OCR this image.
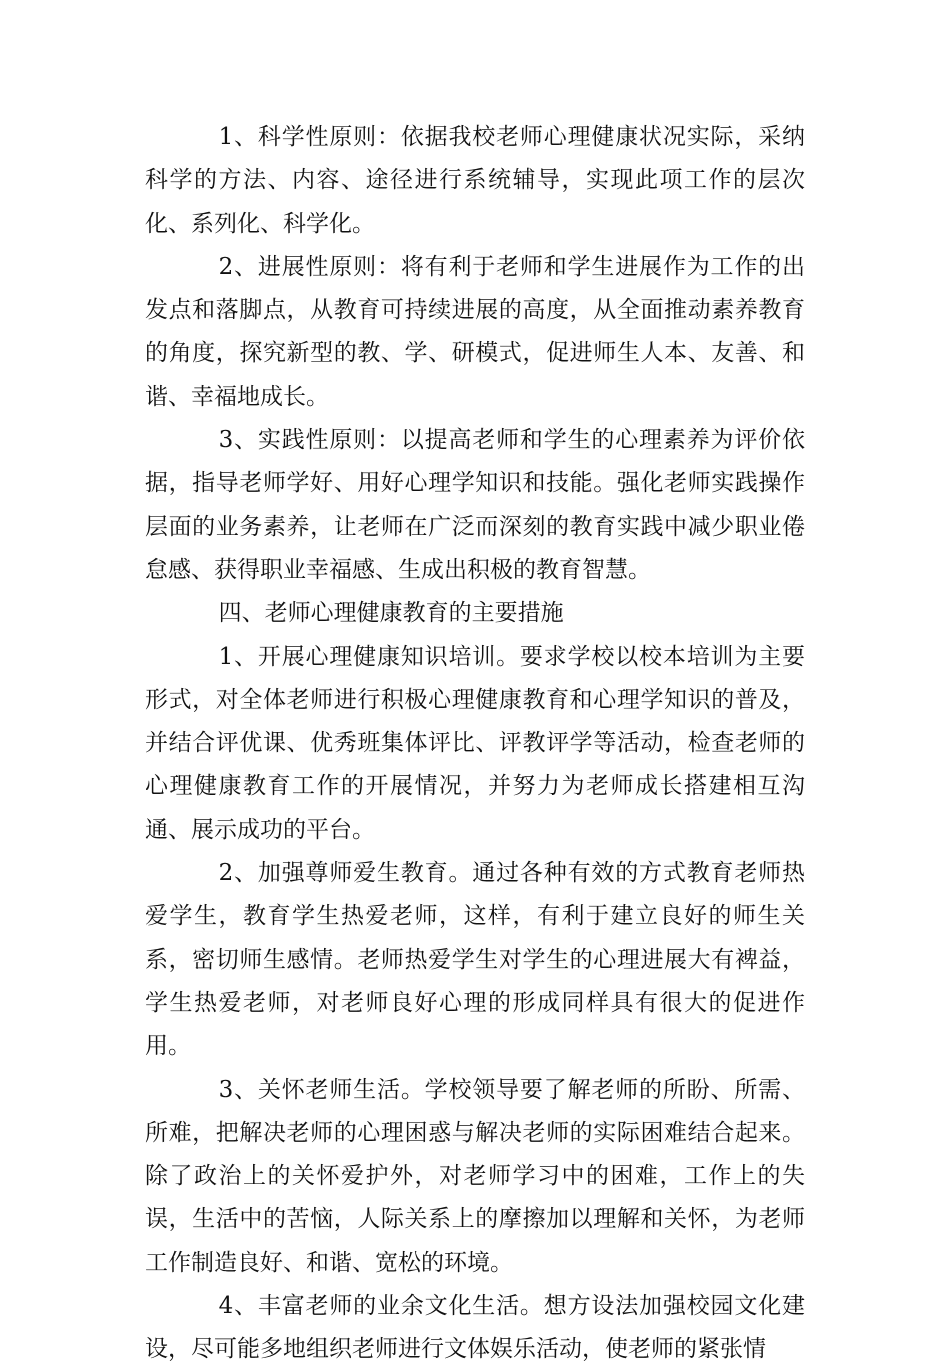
1、科学性原则：依据我校老师心理健康状况实际，采纳科学的方法、内容、途径进行系统辅导，实现此项工作的层次化、系列化、科学化。

2、进展性原则：将有利于老师和学生进展作为工作的出发点和落脚点，从教育可持续进展的高度，从全面推动素养教育的角度，探究新型的教、学、研模式，促进师生人本、友善、和谐、幸福地成长。

3、实践性原则：以提高老师和学生的心理素养为评价依据，指导老师学好、用好心理学知识和技能。强化老师实践操作层面的业务素养，让老师在广泛而深刻的教育实践中减少职业倦怠感、获得职业幸福感、生成出积极的教育智慧。

四、老师心理健康教育的主要措施

1、开展心理健康知识培训。要求学校以校本培训为主要形式，对全体老师进行积极心理健康教育和心理学知识的普及，并结合评优课、优秀班集体评比、评教评学等活动，检查老师的心理健康教育工作的开展情况，并努力为老师成长搭建相互沟通、展示成功的平台。

2、加强尊师爱生教育。通过各种有效的方式教育老师热爱学生，教育学生热爱老师，这样，有利于建立良好的师生关系，密切师生感情。老师热爱学生对学生的心理进展大有裨益，学生热爱老师，对老师良好心理的形成同样具有很大的促进作用。

3、关怀老师生活。学校领导要了解老师的所盼、所需、所难，把解决老师的心理困惑与解决老师的实际困难结合起来。除了政治上的关怀爱护外，对老师学习中的困难，工作上的失误，生活中的苦恼，人际关系上的摩擦加以理解和关怀，为老师工作制造良好、和谐、宽松的环境。

4、丰富老师的业余文化生活。想方设法加强校园文化建设，尽可能多地组织老师进行文体娱乐活动，使老师的紧张情
